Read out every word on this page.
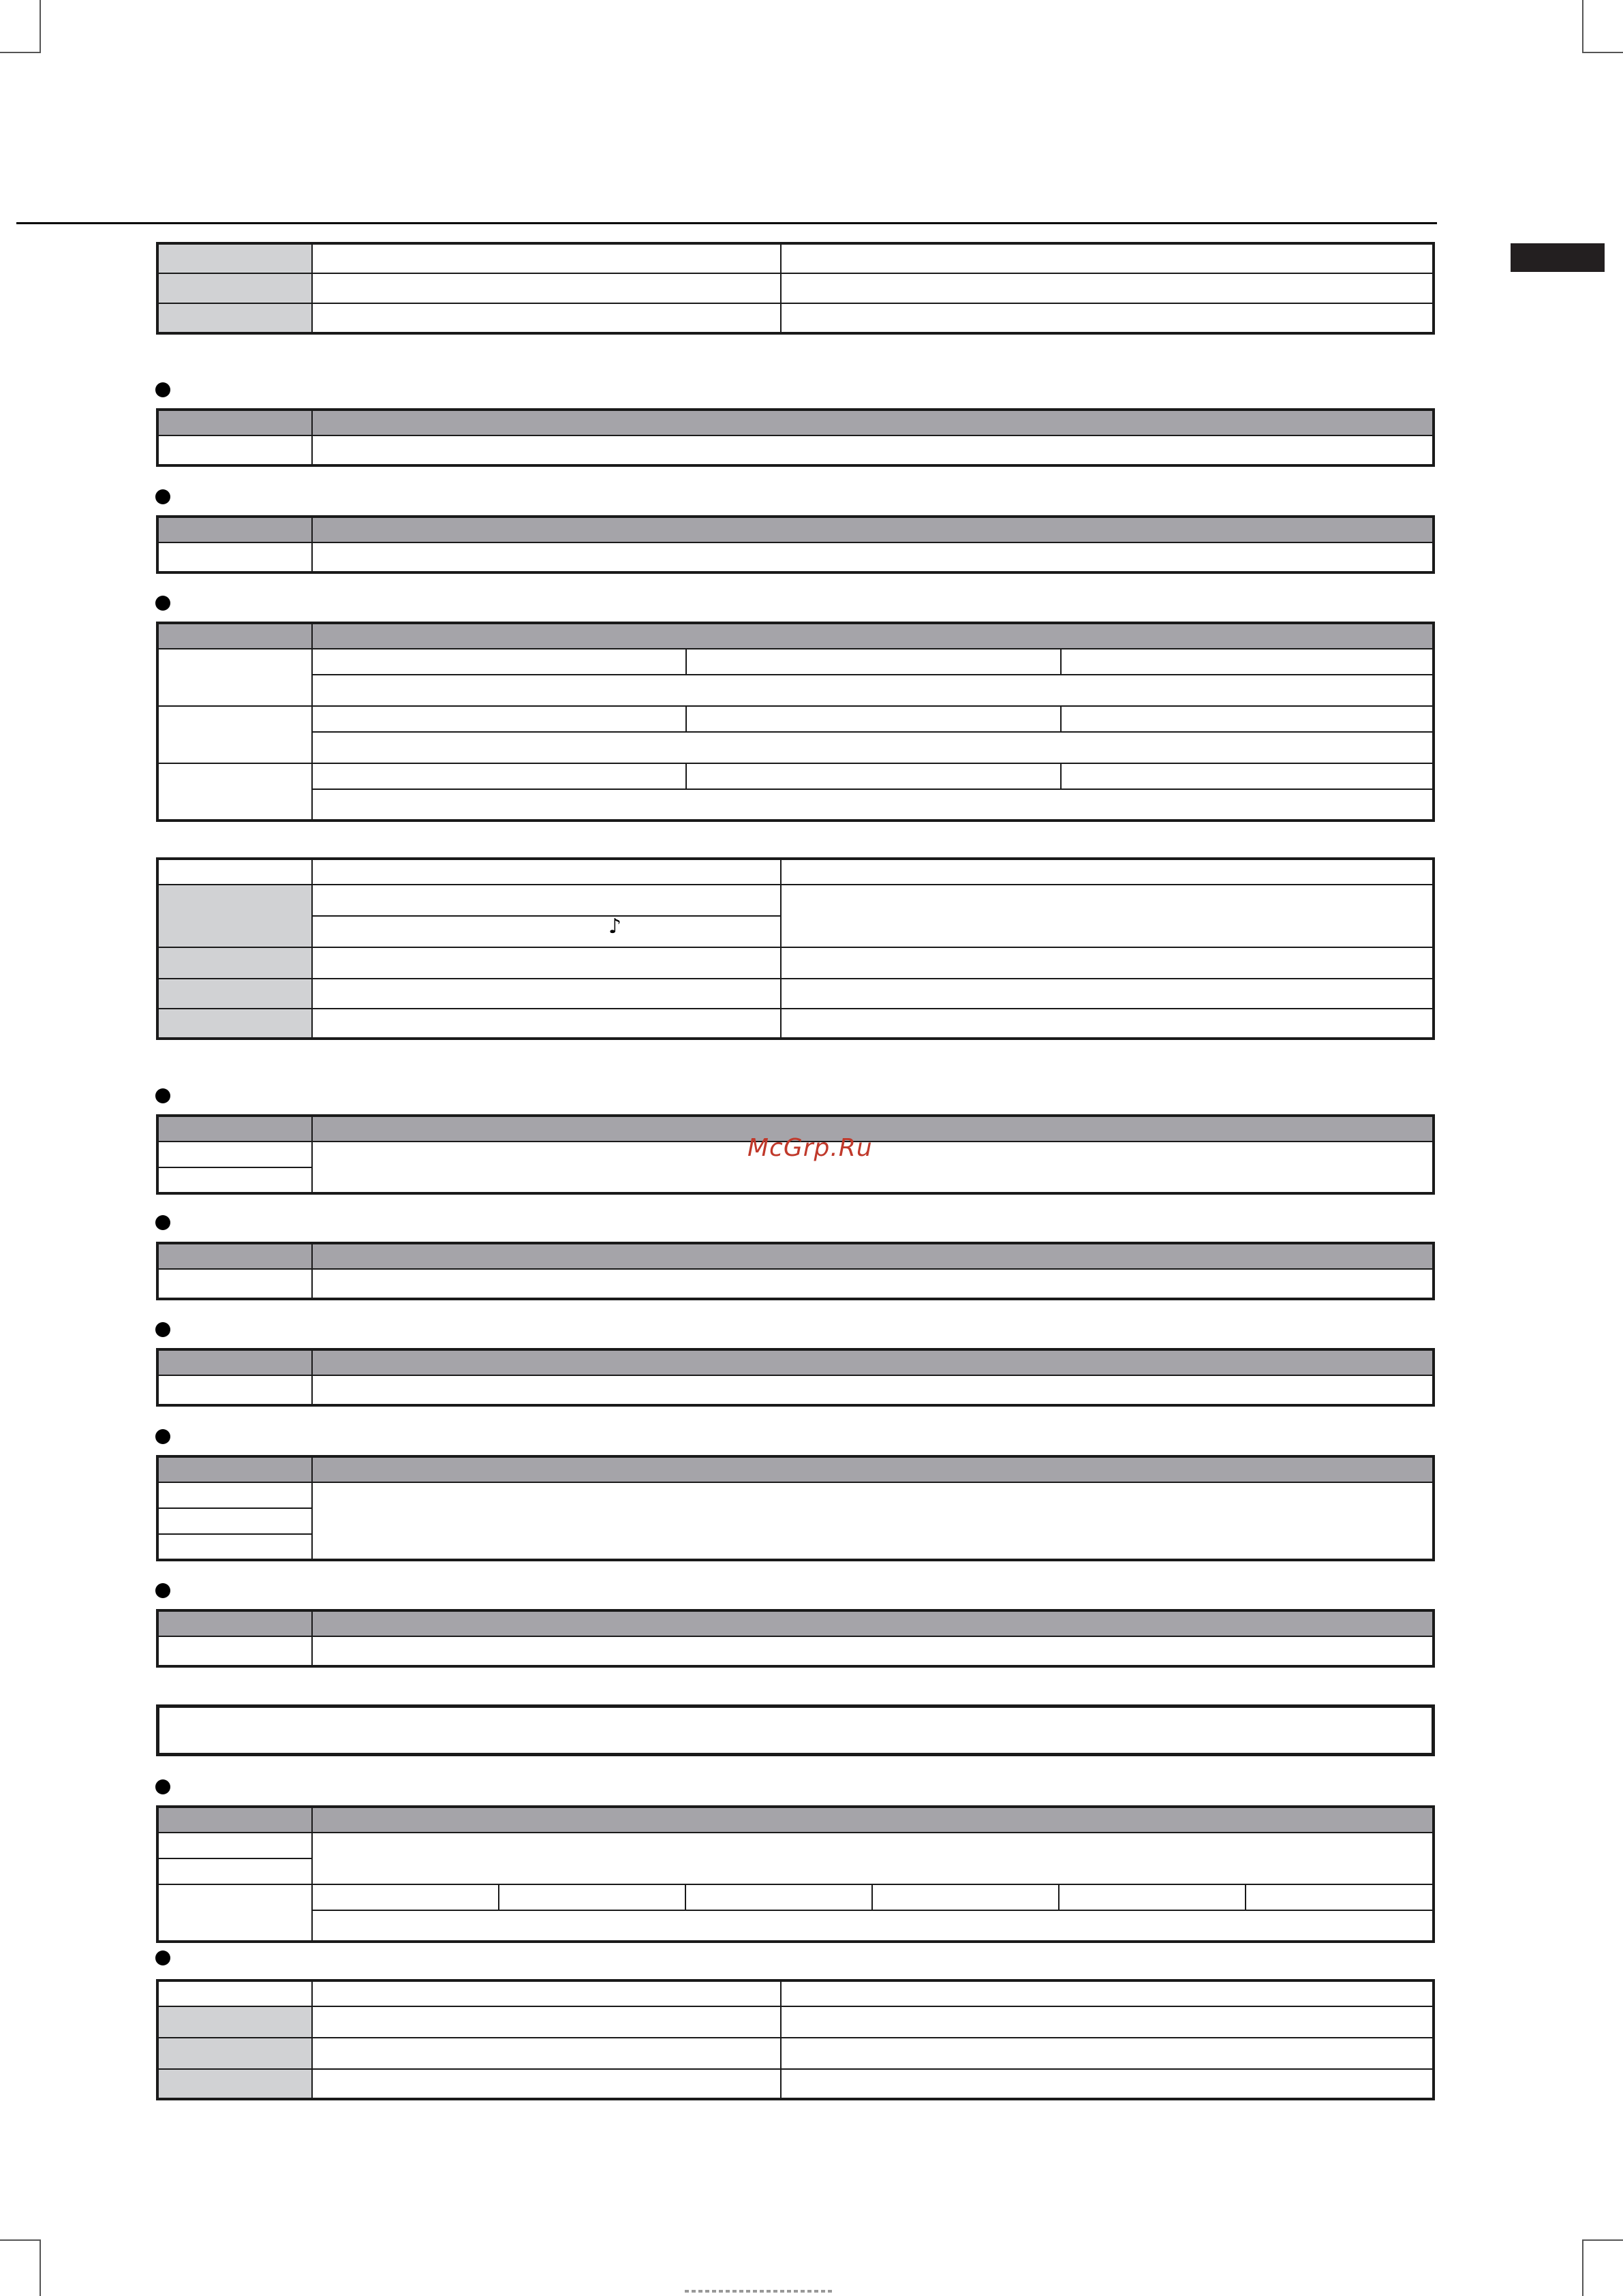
♪

McGrp.Ru
